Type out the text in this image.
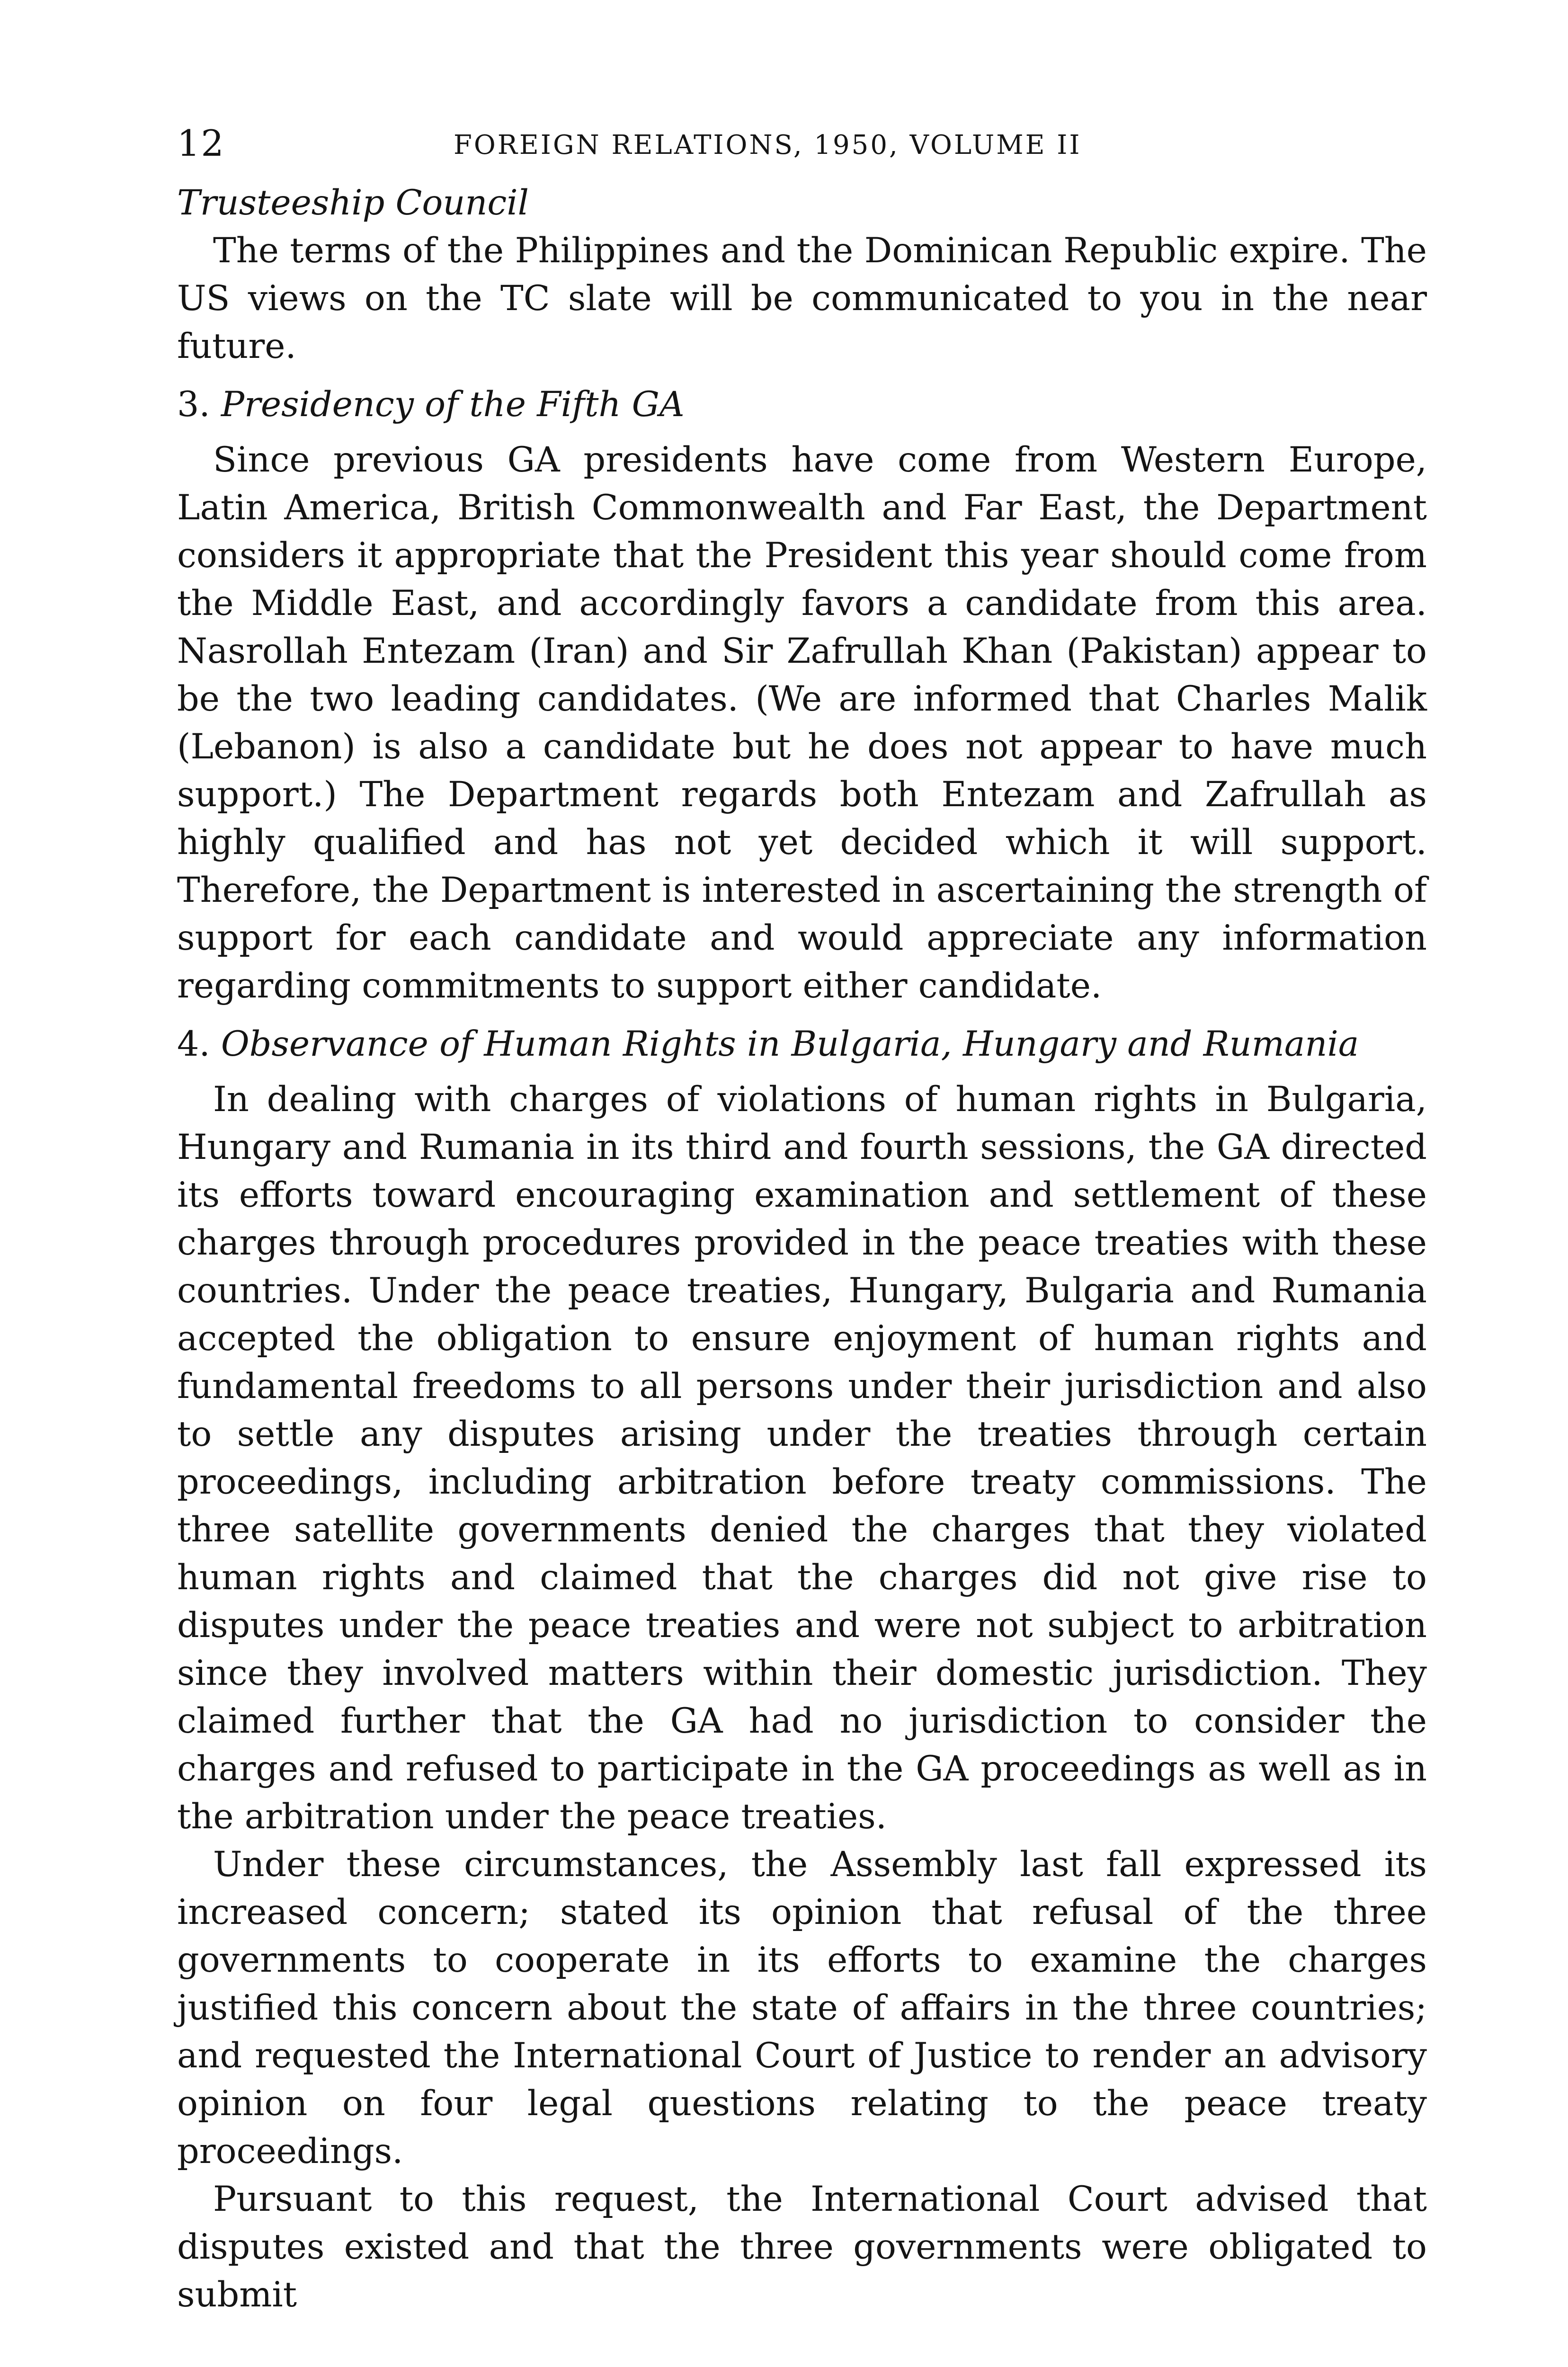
12	FOREIGN RELATIONS, 1950, VOLUME II

Trusteeship Council

The terms of the Philippines and the Dominican Republic expire. The US views on the TC slate will be communicated to you in the near future.

3. Presidency of the Fifth GA

Since previous GA presidents have come from Western Europe, Latin America, British Commonwealth and Far East, the Department considers it appropriate that the President this year should come from the Middle East, and accordingly favors a candidate from this area. Nasrollah Entezam (Iran) and Sir Zafrullah Khan (Pakistan) appear to be the two leading candidates. (We are informed that Charles Malik (Lebanon) is also a candidate but he does not appear to have much support.) The Department regards both Entezam and Zafrullah as highly qualified and has not yet decided which it will support. Therefore, the Department is interested in ascertaining the strength of support for each candidate and would appreciate any information regarding commitments to support either candidate.

4. Observance of Human Rights in Bulgaria, Hungary and Rumania

In dealing with charges of violations of human rights in Bulgaria, Hungary and Rumania in its third and fourth sessions, the GA directed its efforts toward encouraging examination and settlement of these charges through procedures provided in the peace treaties with these countries. Under the peace treaties, Hungary, Bulgaria and Rumania accepted the obligation to ensure enjoyment of human rights and fundamental freedoms to all persons under their jurisdiction and also to settle any disputes arising under the treaties through certain proceedings, including arbitration before treaty commissions. The three satellite governments denied the charges that they violated human rights and claimed that the charges did not give rise to disputes under the peace treaties and were not subject to arbitration since they involved matters within their domestic jurisdiction. They claimed further that the GA had no jurisdiction to consider the charges and refused to participate in the GA proceedings as well as in the arbitration under the peace treaties.

Under these circumstances, the Assembly last fall expressed its increased concern; stated its opinion that refusal of the three governments to cooperate in its efforts to examine the charges justified this concern about the state of affairs in the three countries; and requested the International Court of Justice to render an advisory opinion on four legal questions relating to the peace treaty proceedings.

Pursuant to this request, the International Court advised that disputes existed and that the three governments were obligated to submit
